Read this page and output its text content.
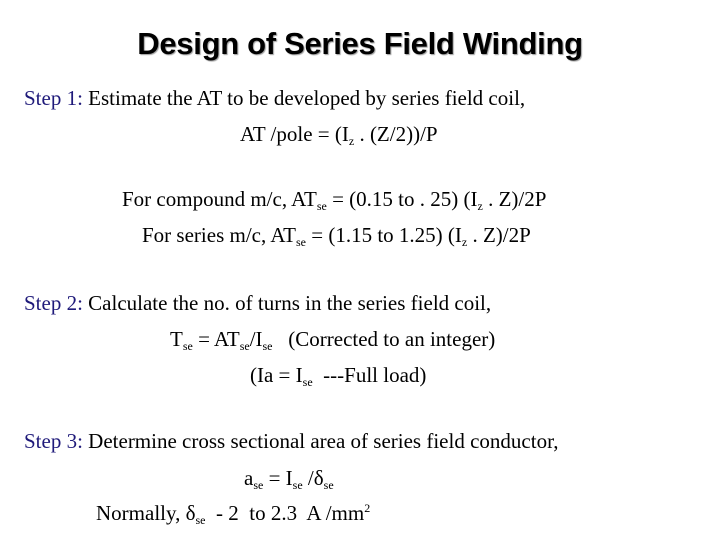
Design of Series Field Winding
Step 1: Estimate the AT to be developed by series field coil,
AT /pole = ($I_z$ . (Z/2))/P
For compound m/c, $AT_{se} = (0.15$ to . 25) ($I_z$ . Z)/2P
For series m/c, $AT_{se} = (1.15$ to 1.25) ($I_z$ . Z)/2P
Step 2: Calculate the no. of turns in the series field coil,
$T_{se} = AT_{se}/I_{se}$   (Corrected to an integer)
($Ia = I_{se}$  ---Full load)
Step 3: Determine cross sectional area of series field conductor,
$a_{se} = I_{se}$ $/\delta_{se}$
Normally, $\delta_{se} - 2$  to 2.3  A $/mm^2$
